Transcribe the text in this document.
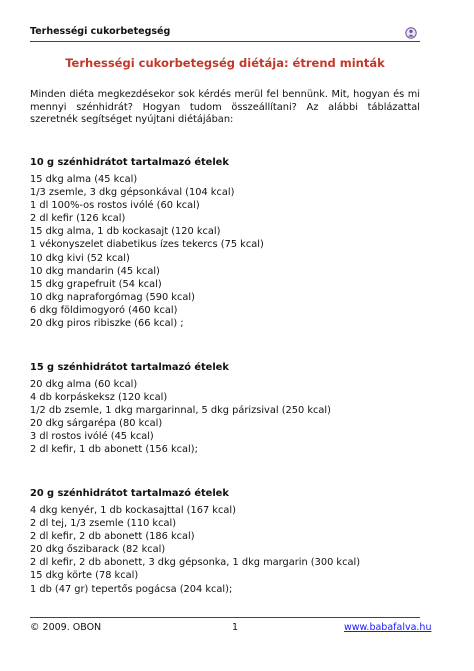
Terhességi cukorbetegség
Terhességi cukorbetegség diétája: étrend minták
Minden diéta megkezdésekor sok kérdés merül fel bennünk. Mit, hogyan és mi mennyi szénhidrát? Hogyan tudom összeállítani? Az alábbi táblázattal szeretnék segítséget nyújtani diétájában:
10 g szénhidrátot tartalmazó ételek
15 dkg alma (45 kcal)
1/3 zsemle, 3 dkg gépsonkával (104 kcal)
1 dl 100%-os rostos ivólé (60 kcal)
2 dl kefir (126 kcal)
15 dkg alma, 1 db kockasajt (120 kcal)
1 vékonyszelet diabetikus ízes tekercs (75 kcal)
10 dkg kivi (52 kcal)
10 dkg mandarin (45 kcal)
15 dkg grapefruit (54 kcal)
10 dkg napraforgómag (590 kcal)
6 dkg földimogyoró (460 kcal)
20 dkg piros ribiszke (66 kcal) ;
15 g szénhidrátot tartalmazó ételek
20 dkg alma (60 kcal)
4 db korpáskeksz (120 kcal)
1/2 db zsemle, 1 dkg margarinnal, 5 dkg párizsival (250 kcal)
20 dkg sárgarépa (80 kcal)
3 dl rostos ivólé (45 kcal)
2 dl kefir, 1 db abonett (156 kcal);
20 g szénhidrátot tartalmazó ételek
4 dkg kenyér, 1 db kockasajttal (167 kcal)
2 dl tej, 1/3 zsemle (110 kcal)
2 dl kefir, 2 db abonett (186 kcal)
20 dkg őszibarack (82 kcal)
2 dl kefir, 2 db abonett, 3 dkg gépsonka, 1 dkg margarin (300 kcal)
15 dkg körte (78 kcal)
1 db (47 gr) tepertős pogácsa (204 kcal);
© 2009. OBON	1	www.babafalva.hu
